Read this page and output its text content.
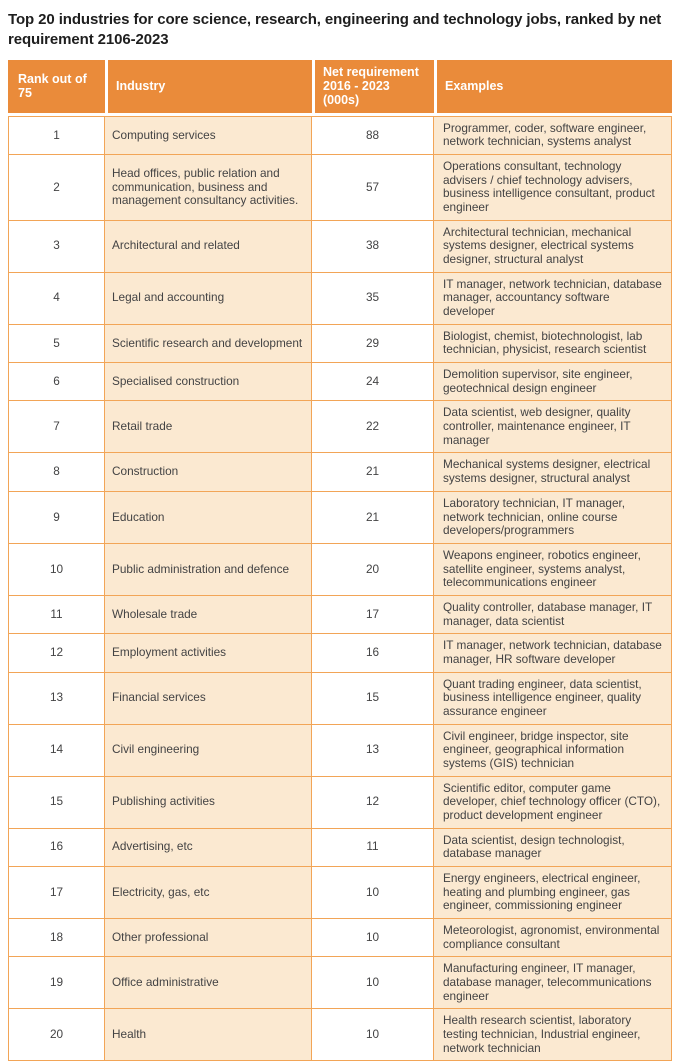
Top 20 industries for core science, research, engineering and technology jobs, ranked by net requirement 2106-2023
Rank out of 75	Industry	Net requirement 2016 - 2023 (000s)	Examples
1	Computing services	88	Programmer, coder, software engineer, network technician, systems analyst
2	Head offices, public relation and communication, business and management consultancy activities.	57	Operations consultant, technology advisers / chief technology advisers, business intelligence consultant, product engineer
3	Architectural and related	38	Architectural technician, mechanical systems designer, electrical systems designer, structural analyst
4	Legal and accounting	35	IT manager, network technician, database manager, accountancy software developer
5	Scientific research and development	29	Biologist, chemist, biotechnologist, lab technician, physicist, research scientist
6	Specialised construction	24	Demolition supervisor, site engineer, geotechnical design engineer
7	Retail trade	22	Data scientist, web designer, quality controller, maintenance engineer, IT manager
8	Construction	21	Mechanical systems designer, electrical systems designer, structural analyst
9	Education	21	Laboratory technician, IT manager, network technician, online course developers/programmers
10	Public administration and defence	20	Weapons engineer, robotics engineer, satellite engineer, systems analyst, telecommunications engineer
11	Wholesale trade	17	Quality controller, database manager, IT manager, data scientist
12	Employment activities	16	IT manager, network technician, database manager, HR software developer
13	Financial services	15	Quant trading engineer, data scientist, business intelligence engineer, quality assurance engineer
14	Civil engineering	13	Civil engineer, bridge inspector, site engineer, geographical information systems (GIS) technician
15	Publishing activities	12	Scientific editor, computer game developer, chief technology officer (CTO), product development engineer
16	Advertising, etc	11	Data scientist, design technologist, database manager
17	Electricity, gas, etc	10	Energy engineers, electrical engineer, heating and plumbing engineer, gas engineer, commissioning engineer
18	Other professional	10	Meteorologist, agronomist, environmental compliance consultant
19	Office administrative	10	Manufacturing engineer, IT manager, database manager, telecommunications engineer
20	Health	10	Health research scientist, laboratory testing technician, Industrial engineer, network technician
